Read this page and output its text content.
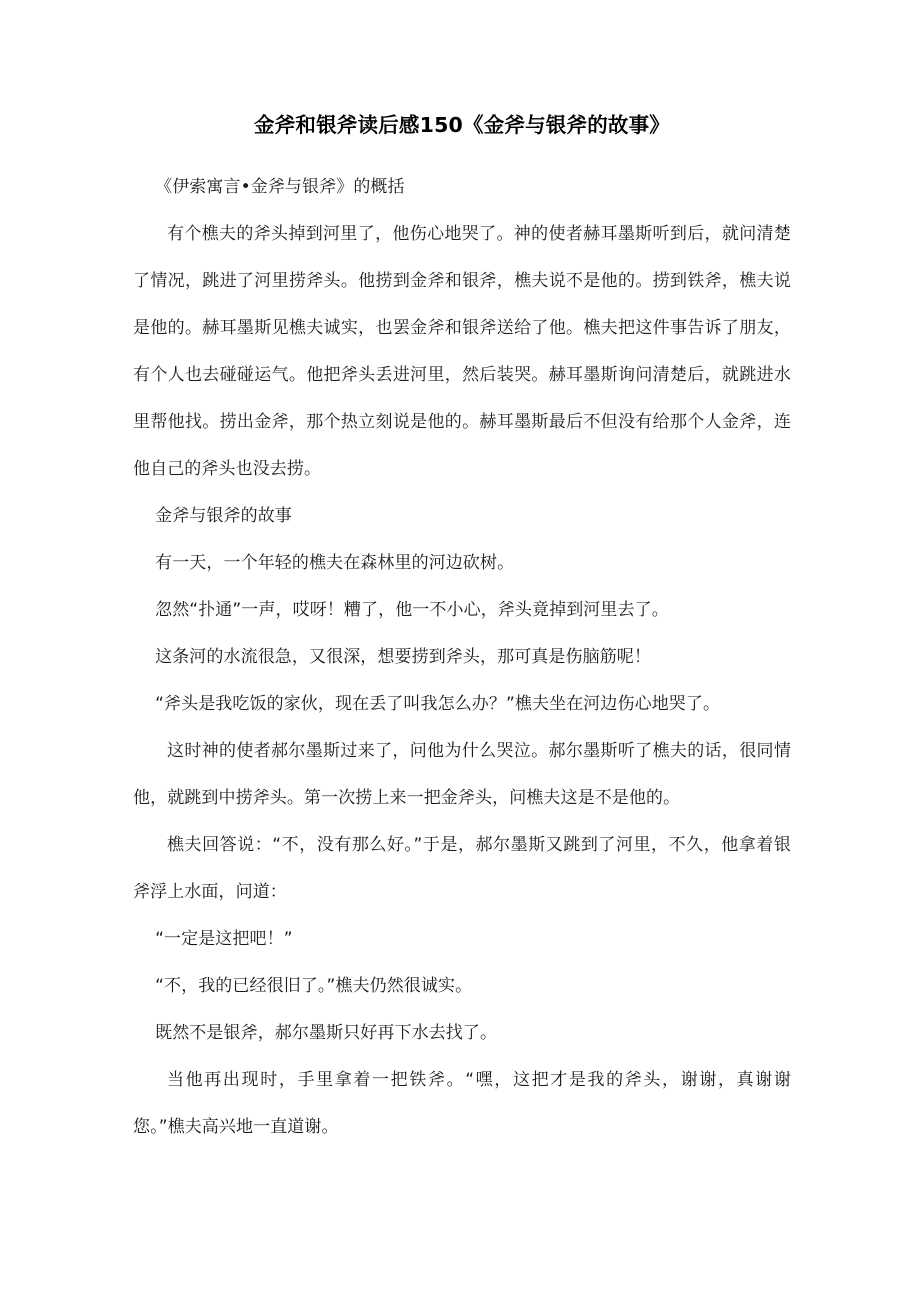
金斧和银斧读后感150《金斧与银斧的故事》

《伊索寓言•金斧与银斧》的概括

有个樵夫的斧头掉到河里了，他伤心地哭了。神的使者赫耳墨斯听到后，就问清楚了情况，跳进了河里捞斧头。他捞到金斧和银斧，樵夫说不是他的。捞到铁斧，樵夫说是他的。赫耳墨斯见樵夫诚实，也罢金斧和银斧送给了他。樵夫把这件事告诉了朋友，有个人也去碰碰运气。他把斧头丢进河里，然后装哭。赫耳墨斯询问清楚后，就跳进水里帮他找。捞出金斧，那个热立刻说是他的。赫耳墨斯最后不但没有给那个人金斧，连他自己的斧头也没去捞。

金斧与银斧的故事

有一天，一个年轻的樵夫在森林里的河边砍树。

忽然“扑通”一声，哎呀！糟了，他一不小心，斧头竟掉到河里去了。

这条河的水流很急，又很深，想要捞到斧头，那可真是伤脑筋呢！

“斧头是我吃饭的家伙，现在丢了叫我怎么办？”樵夫坐在河边伤心地哭了。

这时神的使者郝尔墨斯过来了，问他为什么哭泣。郝尔墨斯听了樵夫的话，很同情他，就跳到中捞斧头。第一次捞上来一把金斧头，问樵夫这是不是他的。

樵夫回答说：“不，没有那么好。”于是，郝尔墨斯又跳到了河里，不久，他拿着银斧浮上水面，问道：

“一定是这把吧！”

“不，我的已经很旧了。”樵夫仍然很诚实。

既然不是银斧，郝尔墨斯只好再下水去找了。

当他再出现时，手里拿着一把铁斧。“嘿，这把才是我的斧头，谢谢，真谢谢您。”樵夫高兴地一直道谢。
